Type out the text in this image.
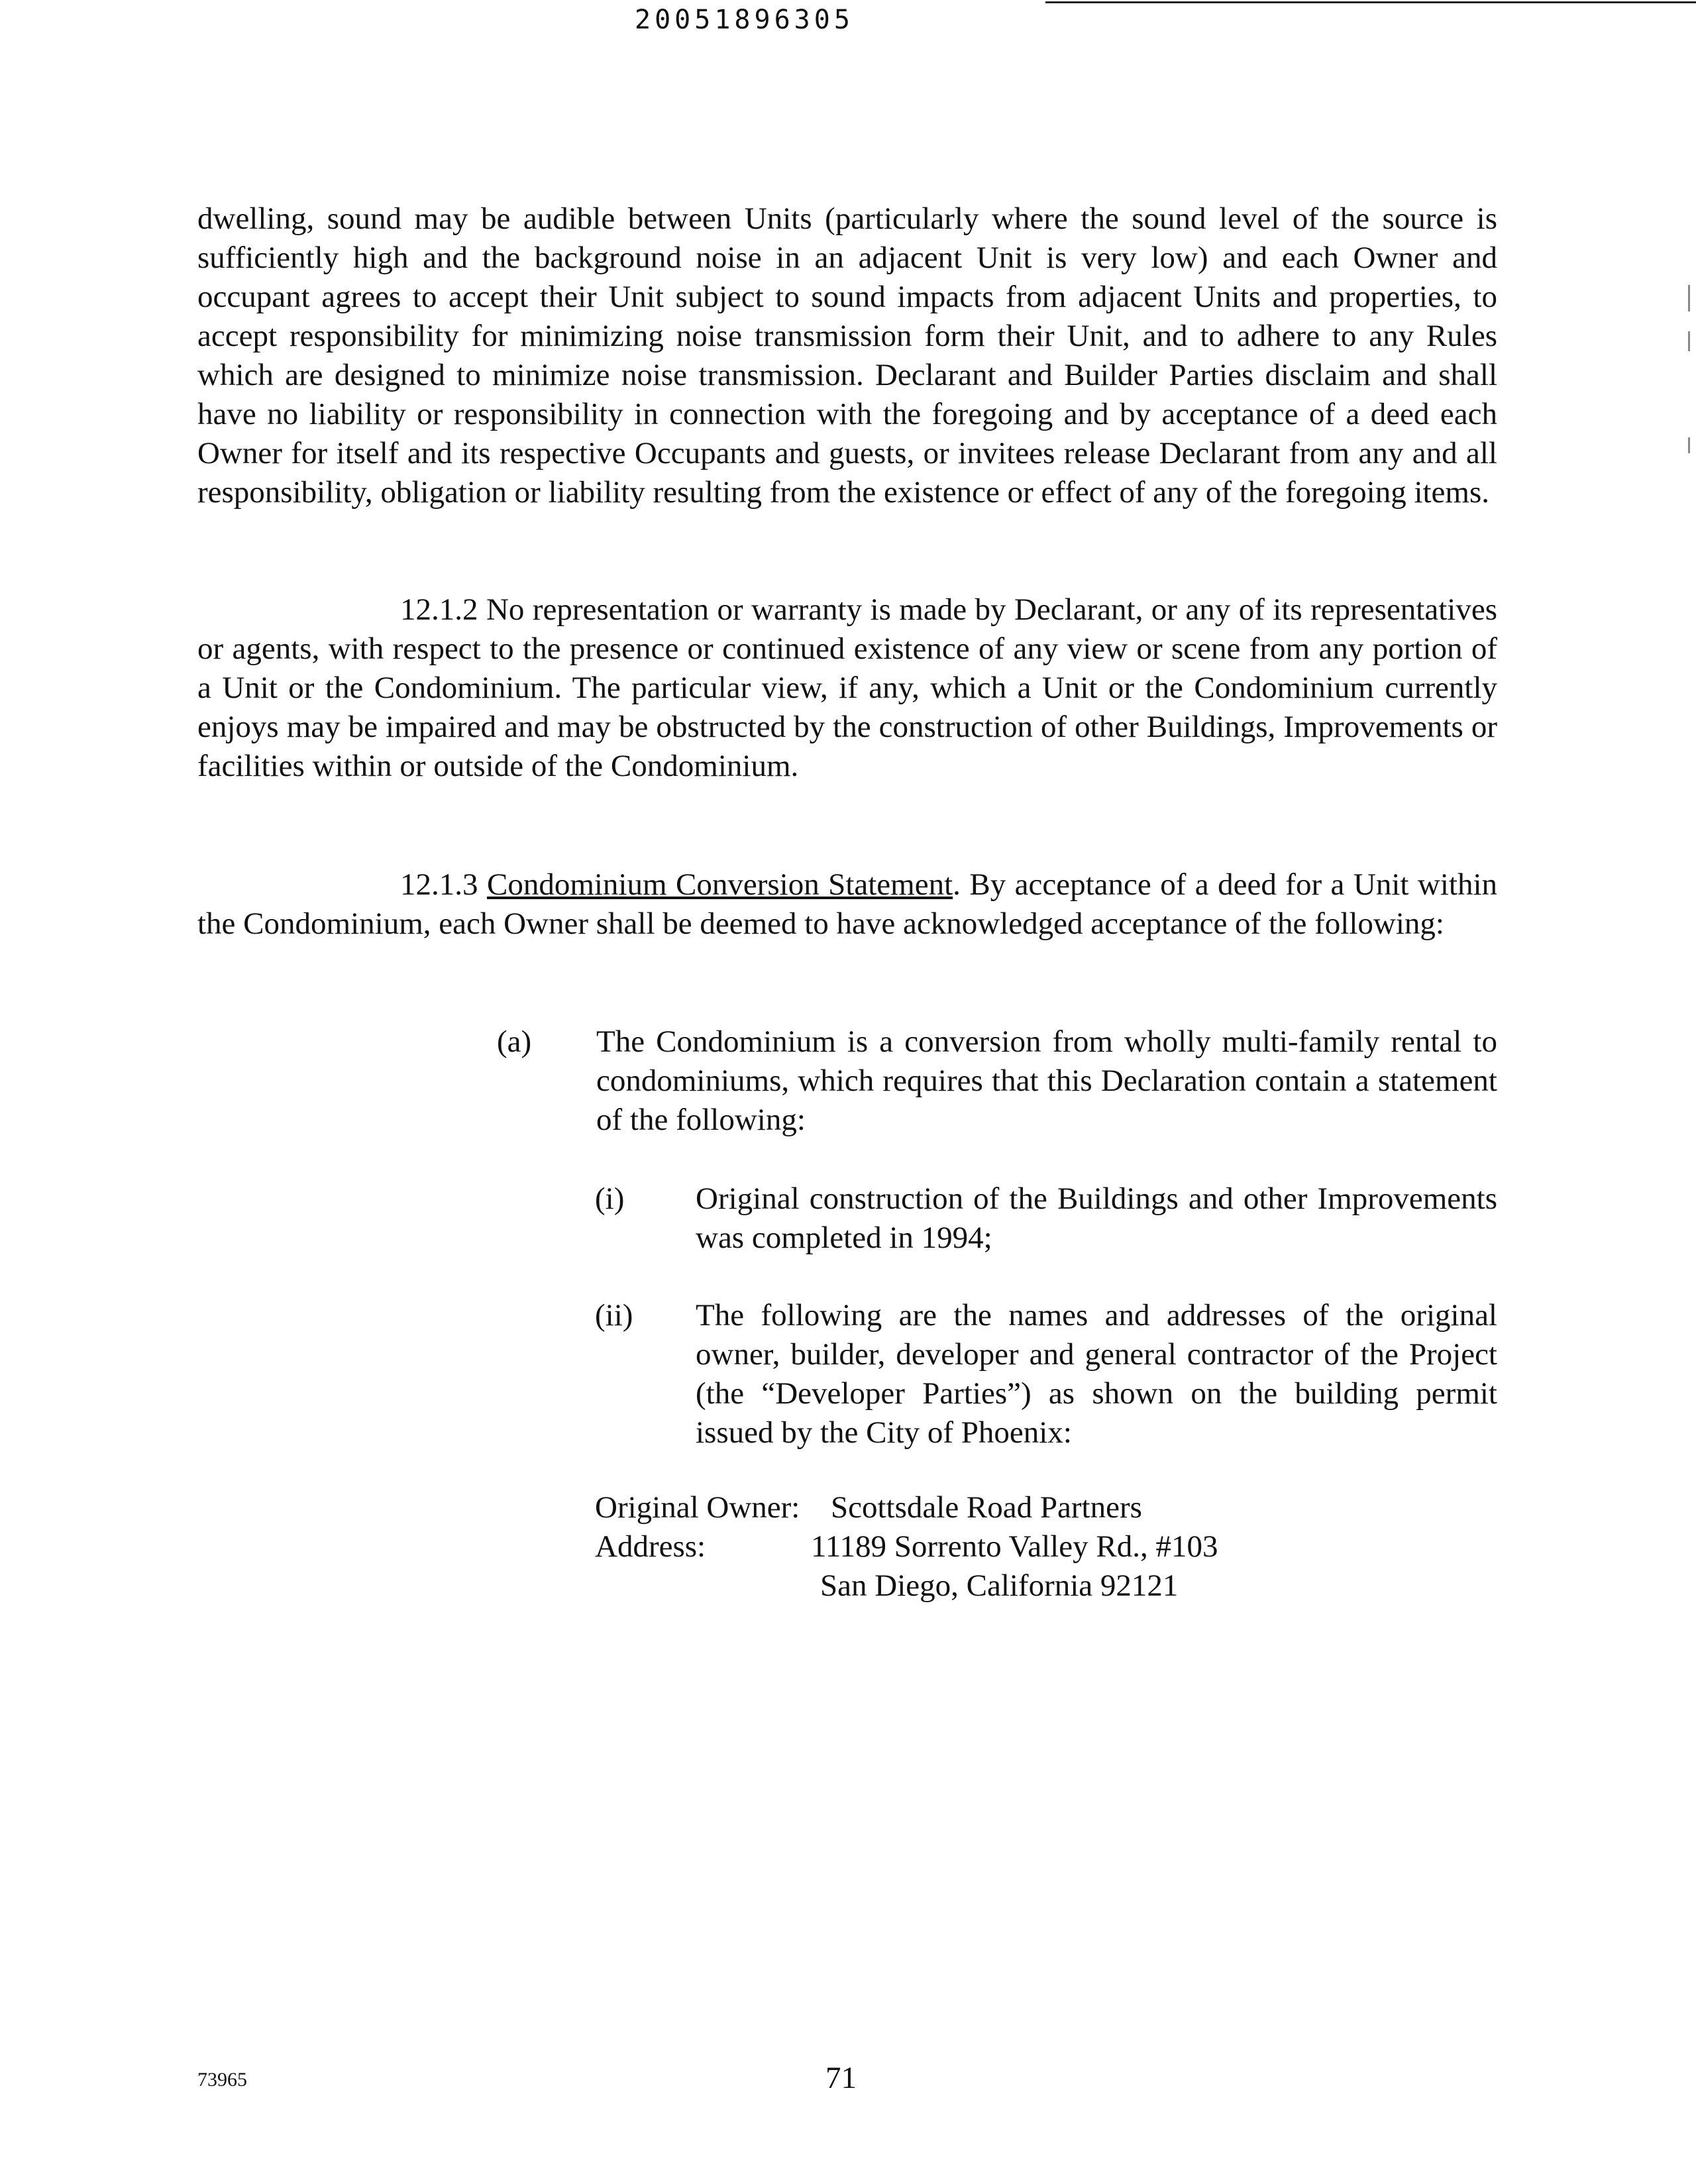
20051896305

dwelling, sound may be audible between Units (particularly where the sound level of the source is sufficiently high and the background noise in an adjacent Unit is very low) and each Owner and occupant agrees to accept their Unit subject to sound impacts from adjacent Units and properties, to accept responsibility for minimizing noise transmission form their Unit, and to adhere to any Rules which are designed to minimize noise transmission. Declarant and Builder Parties disclaim and shall have no liability or responsibility in connection with the foregoing and by acceptance of a deed each Owner for itself and its respective Occupants and guests, or invitees release Declarant from any and all responsibility, obligation or liability resulting from the existence or effect of any of the foregoing items.

12.1.2 No representation or warranty is made by Declarant, or any of its representatives or agents, with respect to the presence or continued existence of any view or scene from any portion of a Unit or the Condominium. The particular view, if any, which a Unit or the Condominium currently enjoys may be impaired and may be obstructed by the construction of other Buildings, Improvements or facilities within or outside of the Condominium.

12.1.3 Condominium Conversion Statement. By acceptance of a deed for a Unit within the Condominium, each Owner shall be deemed to have acknowledged acceptance of the following:

(a) The Condominium is a conversion from wholly multi-family rental to condominiums, which requires that this Declaration contain a statement of the following:

(i) Original construction of the Buildings and other Improvements was completed in 1994;

(ii) The following are the names and addresses of the original owner, builder, developer and general contractor of the Project (the “Developer Parties”) as shown on the building permit issued by the City of Phoenix:

Original Owner: Scottsdale Road Partners
Address:	11189 Sorrento Valley Rd., #103
San Diego, California 92121
73965	71
